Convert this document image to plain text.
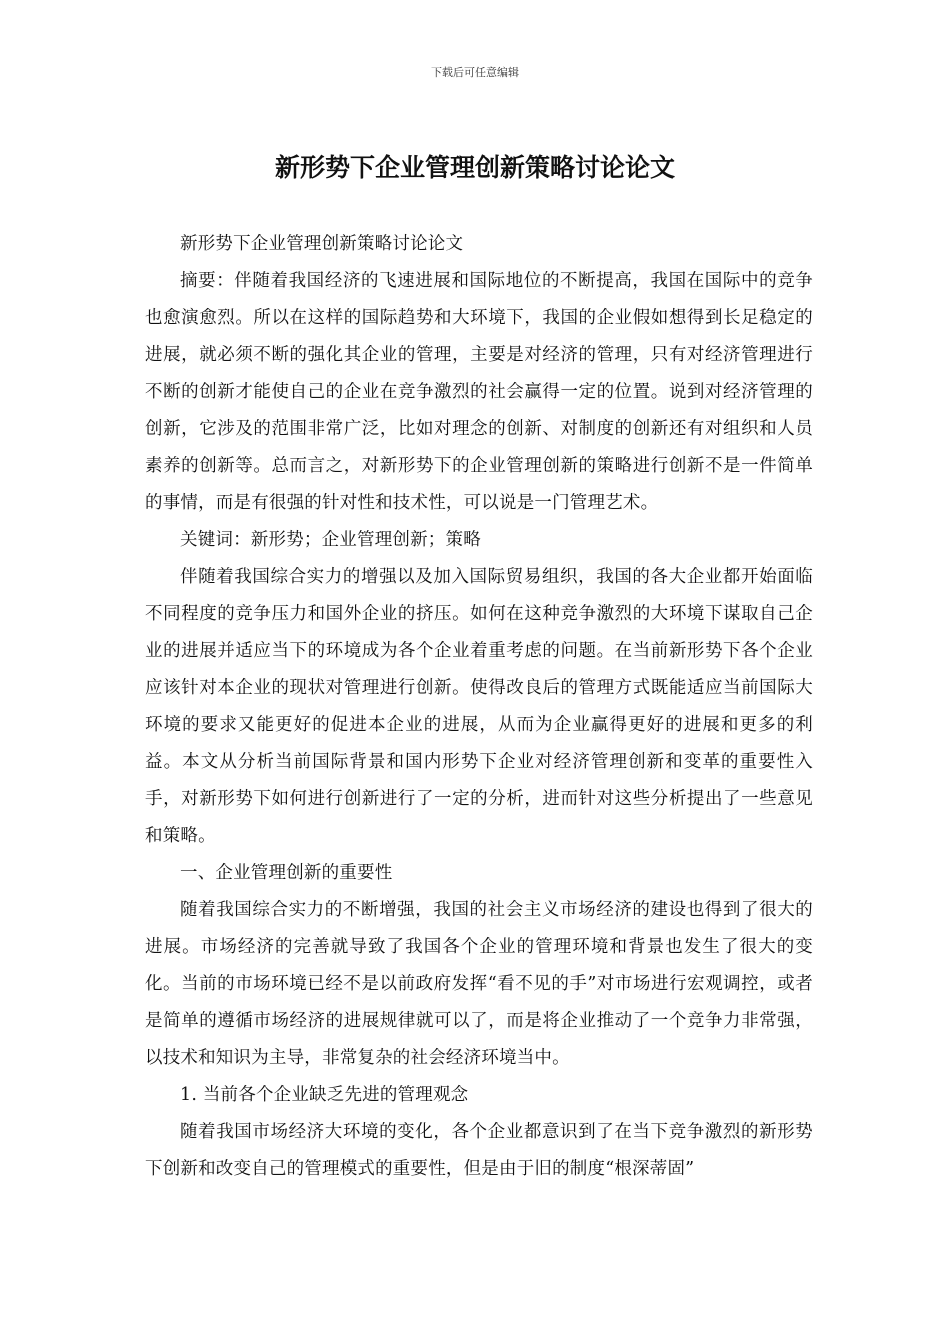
下载后可任意编辑
新形势下企业管理创新策略讨论论文

新形势下企业管理创新策略讨论论文

摘要：伴随着我国经济的飞速进展和国际地位的不断提高，我国在国际中的竞争也愈演愈烈。所以在这样的国际趋势和大环境下，我国的企业假如想得到长足稳定的进展，就必须不断的强化其企业的管理，主要是对经济的管理，只有对经济管理进行不断的创新才能使自己的企业在竞争激烈的社会赢得一定的位置。说到对经济管理的创新，它涉及的范围非常广泛，比如对理念的创新、对制度的创新还有对组织和人员素养的创新等。总而言之，对新形势下的企业管理创新的策略进行创新不是一件简单的事情，而是有很强的针对性和技术性，可以说是一门管理艺术。

关键词：新形势；企业管理创新；策略

伴随着我国综合实力的增强以及加入国际贸易组织，我国的各大企业都开始面临不同程度的竞争压力和国外企业的挤压。如何在这种竞争激烈的大环境下谋取自己企业的进展并适应当下的环境成为各个企业着重考虑的问题。在当前新形势下各个企业应该针对本企业的现状对管理进行创新。使得改良后的管理方式既能适应当前国际大环境的要求又能更好的促进本企业的进展，从而为企业赢得更好的进展和更多的利益。本文从分析当前国际背景和国内形势下企业对经济管理创新和变革的重要性入手，对新形势下如何进行创新进行了一定的分析，进而针对这些分析提出了一些意见和策略。

一、企业管理创新的重要性

随着我国综合实力的不断增强，我国的社会主义市场经济的建设也得到了很大的进展。市场经济的完善就导致了我国各个企业的管理环境和背景也发生了很大的变化。当前的市场环境已经不是以前政府发挥“看不见的手”对市场进行宏观调控，或者是简单的遵循市场经济的进展规律就可以了，而是将企业推动了一个竞争力非常强，以技术和知识为主导，非常复杂的社会经济环境当中。

1. 当前各个企业缺乏先进的管理观念

随着我国市场经济大环境的变化，各个企业都意识到了在当下竞争激烈的新形势下创新和改变自己的管理模式的重要性，但是由于旧的制度“根深蒂固”
